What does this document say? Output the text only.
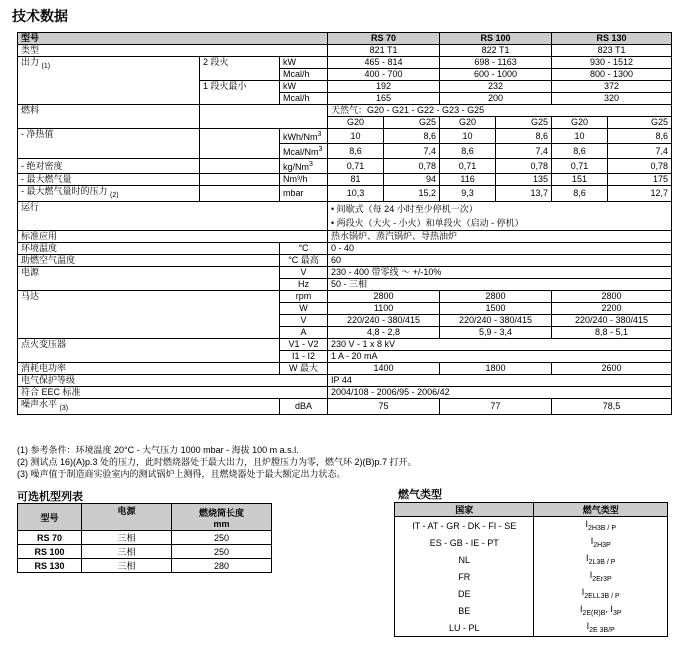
技术数据
型号			RS 70		RS 100		RS 130	
类型			821 T1		822 T1		823 T1	
出力 $_{(1)}$	2 段火	kW	465 - 814		698 - 1163		930 - 1512	
		Mcal/h	400 - 700		600 - 1000		800 - 1300	
	1 段火最小	kW	192		232		372	
		Mcal/h	165		200		320	
燃料			天然气：G20 - G21 - G22 - G23 - G25					
			G20	G25	G20	G25	G20	G25
- 净热值		kWh/Nm$^3$	10	8,6	10	8,6	10	8,6
		Mcal/Nm$^3$	8,6	7,4	8,6	7,4	8,6	7,4
- 绝对密度		kg/Nm$^3$	0,71	0,78	0,71	0,78	0,71	0,78
- 最大燃气量		Nm³/h	81	94	116	135	151	175
- 最大燃气量时的压力 $_{(2)}$		mbar	10,3	15,2	9,3	13,7	8,6	12,7
运行			• 间歇式（每 24 小时至少停机一次）
• 两段火（大火 - 小火）和单段火（启动 - 停机）					

标准应用			热水锅炉、蒸汽锅炉、导热油炉					
环境温度		°C	0 - 40					
助燃空气温度		°C 最高	60					
电源		V	230 - 400 带零线 ～ +/-10%					
		Hz	50 - 三相					
马达		rpm	2800		2800		2800	
		W	1100		1500		2200	
		V	220/240 - 380/415		220/240 - 380/415		220/240 - 380/415	
		A	4,8 - 2,8		5,9 - 3,4		8,8 - 5,1	
点火变压器		V1 - V2	230 V - 1 x 8 kV					
		I1 - I2	1 A - 20 mA					
消耗电功率		W 最大	1400		1800		2600	
电气保护等级			IP 44					
符合 EEC 标准			2004/108 - 2006/95 - 2006/42					
噪声水平 $_{(3)}$		dBA	75		77		78,5	
(1) 参考条件：环境温度 20°C - 大气压力 1000 mbar - 海拔 100 m a.s.l.
(2) 测试点 16)(A)p.3 处的压力，此时燃烧器处于最大出力，且炉膛压力为零，燃气环 2)(B)p.7 打开。
(3) 噪声值于制造商实验室内的测试锅炉上测得，且燃烧器处于最大额定出力状态。
可选机型列表	燃气类型
型号	电源	燃烧筒长度
mm

RS 70	三相	250
RS 100	三相	250
RS 130	三相	280
国家	燃气类型
IT - AT - GR - DK - FI - SE	$I_{2H3B / P}$
ES - GB - IE - PT	$I_{2H3P}$
NL	$I_{2L3B / P}$
FR	$I_{2Er3P}$
DE	$I_{2ELL3B / P}$
BE	$I_{2E(R)B}$, $I_{3P}$
LU - PL	$I_{2E 3B/P}$
